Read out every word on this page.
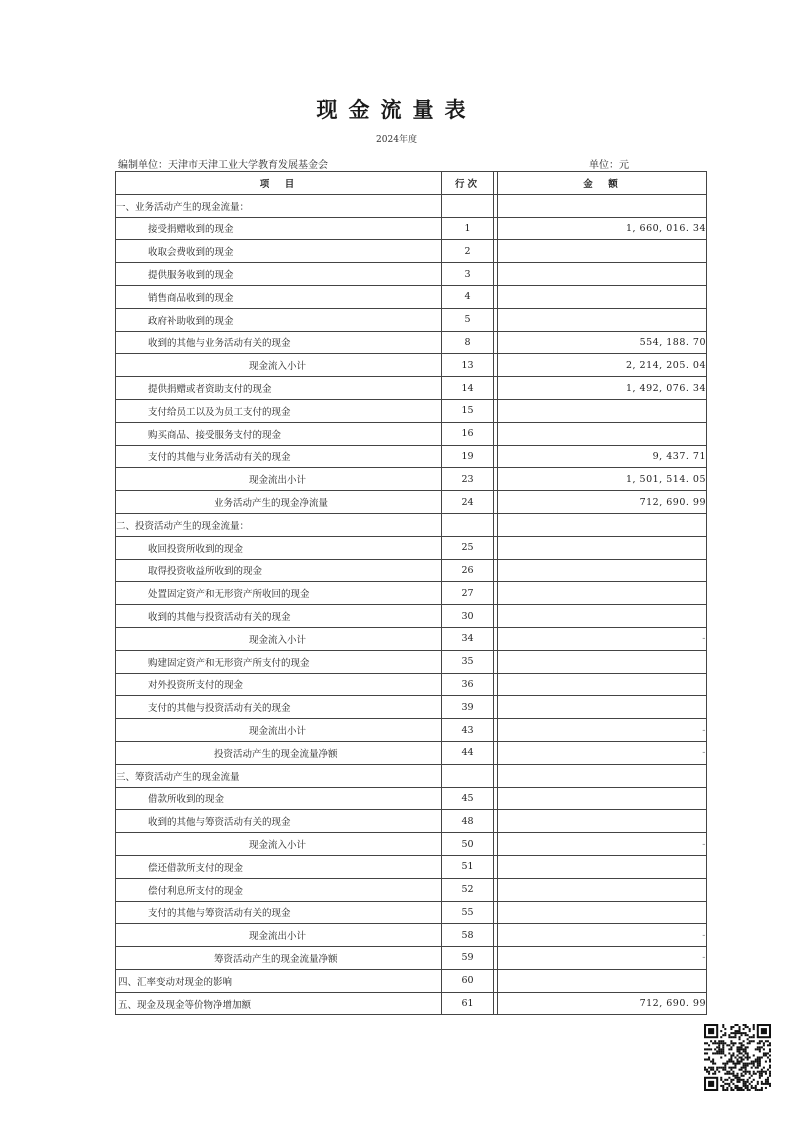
现金流量表
2024年度
编制单位：天津市天津工业大学教育发展基金会	单位：元
项　目	行次		金　额
一、业务活动产生的现金流量：			
接受捐赠收到的现金	1		1, 660, 016. 34
收取会费收到的现金	2		
提供服务收到的现金	3		
销售商品收到的现金	4		
政府补助收到的现金	5		
收到的其他与业务活动有关的现金	8		554, 188. 70
现金流入小计	13		2, 214, 205. 04
提供捐赠或者资助支付的现金	14		1, 492, 076. 34
支付给员工以及为员工支付的现金	15		
购买商品、接受服务支付的现金	16		
支付的其他与业务活动有关的现金	19		9, 437. 71
现金流出小计	23		1, 501, 514. 05
业务活动产生的现金净流量	24		712, 690. 99
二、投资活动产生的现金流量：			
收回投资所收到的现金	25		
取得投资收益所收到的现金	26		
处置固定资产和无形资产所收回的现金	27		
收到的其他与投资活动有关的现金	30		
现金流入小计	34		-
购建固定资产和无形资产所支付的现金	35		
对外投资所支付的现金	36		
支付的其他与投资活动有关的现金	39		
现金流出小计	43		-
投资活动产生的现金流量净额	44		-
三、筹资活动产生的现金流量			
借款所收到的现金	45		
收到的其他与筹资活动有关的现金	48		
现金流入小计	50		-
偿还借款所支付的现金	51		
偿付利息所支付的现金	52		
支付的其他与筹资活动有关的现金	55		
现金流出小计	58		-
筹资活动产生的现金流量净额	59		-
四、汇率变动对现金的影响	60		
五、现金及现金等价物净增加额	61		712, 690. 99
